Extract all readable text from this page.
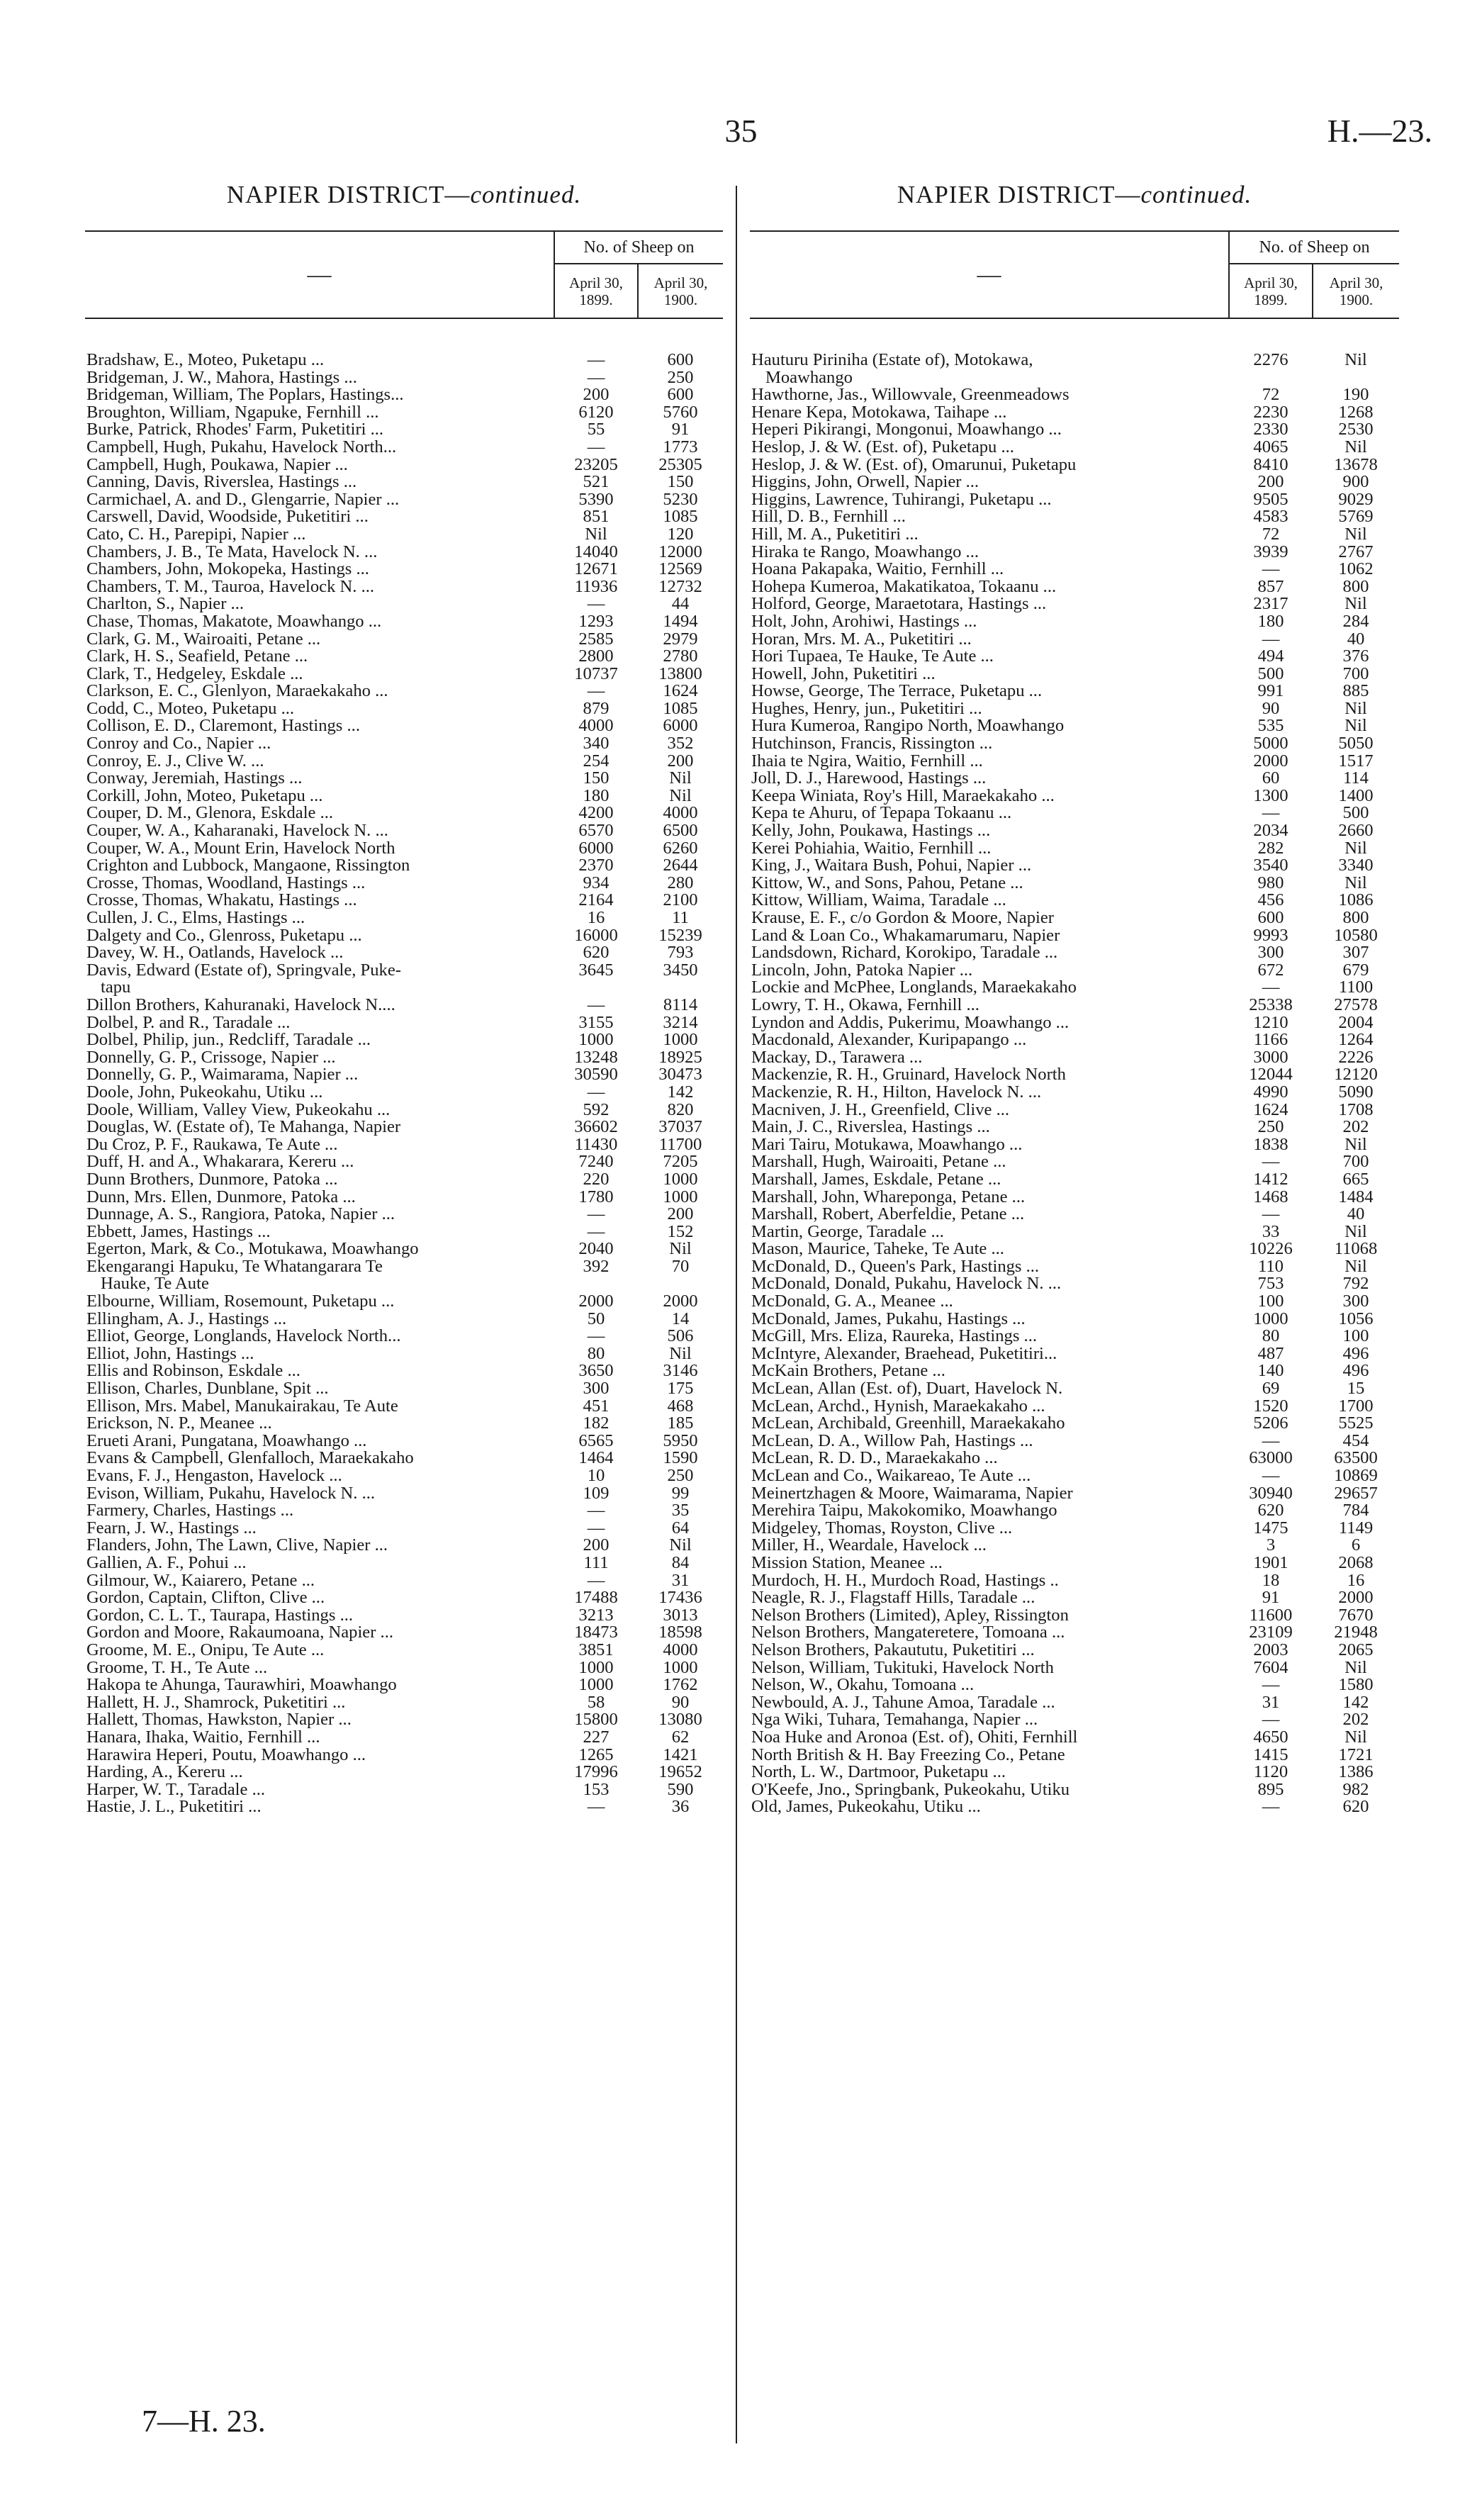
35	H.—23.
NAPIER DISTRICT—continued.	NAPIER DISTRICT—continued.
—	No. of Sheep on	
	April 30, 1899.	April 30, 1900.
Bradshaw, E., Moteo, Puketapu ...	—	600
Bridgeman, J. W., Mahora, Hastings ...	—	250
Bridgeman, William, The Poplars, Hastings...	200	600
Broughton, William, Ngapuke, Fernhill ...	6120	5760
Burke, Patrick, Rhodes' Farm, Puketitiri ...	55	91
Campbell, Hugh, Pukahu, Havelock North...	—	1773
Campbell, Hugh, Poukawa, Napier ...	23205	25305
Canning, Davis, Riverslea, Hastings ...	521	150
Carmichael, A. and D., Glengarrie, Napier ...	5390	5230
Carswell, David, Woodside, Puketitiri ...	851	1085
Cato, C. H., Parepipi, Napier ...	Nil	120
Chambers, J. B., Te Mata, Havelock N. ...	14040	12000
Chambers, John, Mokopeka, Hastings ...	12671	12569
Chambers, T. M., Tauroa, Havelock N. ...	11936	12732
Charlton, S., Napier ...	—	44
Chase, Thomas, Makatote, Moawhango ...	1293	1494
Clark, G. M., Wairoaiti, Petane ...	2585	2979
Clark, H. S., Seafield, Petane ...	2800	2780
Clark, T., Hedgeley, Eskdale ...	10737	13800
Clarkson, E. C., Glenlyon, Maraekakaho ...	—	1624
Codd, C., Moteo, Puketapu ...	879	1085
Collison, E. D., Claremont, Hastings ...	4000	6000
Conroy and Co., Napier ...	340	352
Conroy, E. J., Clive W. ...	254	200
Conway, Jeremiah, Hastings ...	150	Nil
Corkill, John, Moteo, Puketapu ...	180	Nil
Couper, D. M., Glenora, Eskdale ...	4200	4000
Couper, W. A., Kaharanaki, Havelock N. ...	6570	6500
Couper, W. A., Mount Erin, Havelock North	6000	6260
Crighton and Lubbock, Mangaone, Rissington	2370	2644
Crosse, Thomas, Woodland, Hastings ...	934	280
Crosse, Thomas, Whakatu, Hastings ...	2164	2100
Cullen, J. C., Elms, Hastings ...	16	11
Dalgety and Co., Glenross, Puketapu ...	16000	15239
Davey, W. H., Oatlands, Havelock ...	620	793
Davis, Edward (Estate of), Springvale, Puke-	3645	3450
tapu		
Dillon Brothers, Kahuranaki, Havelock N....	—	8114
Dolbel, P. and R., Taradale ...	3155	3214
Dolbel, Philip, jun., Redcliff, Taradale ...	1000	1000
Donnelly, G. P., Crissoge, Napier ...	13248	18925
Donnelly, G. P., Waimarama, Napier ...	30590	30473
Doole, John, Pukeokahu, Utiku ...	—	142
Doole, William, Valley View, Pukeokahu ...	592	820
Douglas, W. (Estate of), Te Mahanga, Napier	36602	37037
Du Croz, P. F., Raukawa, Te Aute ...	11430	11700
Duff, H. and A., Whakarara, Kereru ...	7240	7205
Dunn Brothers, Dunmore, Patoka ...	220	1000
Dunn, Mrs. Ellen, Dunmore, Patoka ...	1780	1000
Dunnage, A. S., Rangiora, Patoka, Napier ...	—	200
Ebbett, James, Hastings ...	—	152
Egerton, Mark, & Co., Motukawa, Moawhango	2040	Nil
Ekengarangi Hapuku, Te Whatangarara Te	392	70
Hauke, Te Aute		
Elbourne, William, Rosemount, Puketapu ...	2000	2000
Ellingham, A. J., Hastings ...	50	14
Elliot, George, Longlands, Havelock North...	—	506
Elliot, John, Hastings ...	80	Nil
Ellis and Robinson, Eskdale ...	3650	3146
Ellison, Charles, Dunblane, Spit ...	300	175
Ellison, Mrs. Mabel, Manukairakau, Te Aute	451	468
Erickson, N. P., Meanee ...	182	185
Erueti Arani, Pungatana, Moawhango ...	6565	5950
Evans & Campbell, Glenfalloch, Maraekakaho	1464	1590
Evans, F. J., Hengaston, Havelock ...	10	250
Evison, William, Pukahu, Havelock N. ...	109	99
Farmery, Charles, Hastings ...	—	35
Fearn, J. W., Hastings ...	—	64
Flanders, John, The Lawn, Clive, Napier ...	200	Nil
Gallien, A. F., Pohui ...	111	84
Gilmour, W., Kaiarero, Petane ...	—	31
Gordon, Captain, Clifton, Clive ...	17488	17436
Gordon, C. L. T., Taurapa, Hastings ...	3213	3013
Gordon and Moore, Rakaumoana, Napier ...	18473	18598
Groome, M. E., Onipu, Te Aute ...	3851	4000
Groome, T. H., Te Aute ...	1000	1000
Hakopa te Ahunga, Taurawhiri, Moawhango	1000	1762
Hallett, H. J., Shamrock, Puketitiri ...	58	90
Hallett, Thomas, Hawkston, Napier ...	15800	13080
Hanara, Ihaka, Waitio, Fernhill ...	227	62
Harawira Heperi, Poutu, Moawhango ...	1265	1421
Harding, A., Kereru ...	17996	19652
Harper, W. T., Taradale ...	153	590
Hastie, J. L., Puketitiri ...	—	36
—	No. of Sheep on	
	April 30, 1899.	April 30, 1900.
Hauturu Piriniha (Estate of), Motokawa,	2276	Nil
Moawhango		
Hawthorne, Jas., Willowvale, Greenmeadows	72	190
Henare Kepa, Motokawa, Taihape ...	2230	1268
Heperi Pikirangi, Mongonui, Moawhango ...	2330	2530
Heslop, J. & W. (Est. of), Puketapu ...	4065	Nil
Heslop, J. & W. (Est. of), Omarunui, Puketapu	8410	13678
Higgins, John, Orwell, Napier ...	200	900
Higgins, Lawrence, Tuhirangi, Puketapu ...	9505	9029
Hill, D. B., Fernhill ...	4583	5769
Hill, M. A., Puketitiri ...	72	Nil
Hiraka te Rango, Moawhango ...	3939	2767
Hoana Pakapaka, Waitio, Fernhill ...	—	1062
Hohepa Kumeroa, Makatikatoa, Tokaanu ...	857	800
Holford, George, Maraetotara, Hastings ...	2317	Nil
Holt, John, Arohiwi, Hastings ...	180	284
Horan, Mrs. M. A., Puketitiri ...	—	40
Hori Tupaea, Te Hauke, Te Aute ...	494	376
Howell, John, Puketitiri ...	500	700
Howse, George, The Terrace, Puketapu ...	991	885
Hughes, Henry, jun., Puketitiri ...	90	Nil
Hura Kumeroa, Rangipo North, Moawhango	535	Nil
Hutchinson, Francis, Rissington ...	5000	5050
Ihaia te Ngira, Waitio, Fernhill ...	2000	1517
Joll, D. J., Harewood, Hastings ...	60	114
Keepa Winiata, Roy's Hill, Maraekakaho ...	1300	1400
Kepa te Ahuru, of Tepapa Tokaanu ...	—	500
Kelly, John, Poukawa, Hastings ...	2034	2660
Kerei Pohiahia, Waitio, Fernhill ...	282	Nil
King, J., Waitara Bush, Pohui, Napier ...	3540	3340
Kittow, W., and Sons, Pahou, Petane ...	980	Nil
Kittow, William, Waima, Taradale ...	456	1086
Krause, E. F., c/o Gordon & Moore, Napier	600	800
Land & Loan Co., Whakamarumaru, Napier	9993	10580
Landsdown, Richard, Korokipo, Taradale ...	300	307
Lincoln, John, Patoka Napier ...	672	679
Lockie and McPhee, Longlands, Maraekakaho	—	1100
Lowry, T. H., Okawa, Fernhill ...	25338	27578
Lyndon and Addis, Pukerimu, Moawhango ...	1210	2004
Macdonald, Alexander, Kuripapango ...	1166	1264
Mackay, D., Tarawera ...	3000	2226
Mackenzie, R. H., Gruinard, Havelock North	12044	12120
Mackenzie, R. H., Hilton, Havelock N. ...	4990	5090
Macniven, J. H., Greenfield, Clive ...	1624	1708
Main, J. C., Riverslea, Hastings ...	250	202
Mari Tairu, Motukawa, Moawhango ...	1838	Nil
Marshall, Hugh, Wairoaiti, Petane ...	—	700
Marshall, James, Eskdale, Petane ...	1412	665
Marshall, John, Whareponga, Petane ...	1468	1484
Marshall, Robert, Aberfeldie, Petane ...	—	40
Martin, George, Taradale ...	33	Nil
Mason, Maurice, Taheke, Te Aute ...	10226	11068
McDonald, D., Queen's Park, Hastings ...	110	Nil
McDonald, Donald, Pukahu, Havelock N. ...	753	792
McDonald, G. A., Meanee ...	100	300
McDonald, James, Pukahu, Hastings ...	1000	1056
McGill, Mrs. Eliza, Raureka, Hastings ...	80	100
McIntyre, Alexander, Braehead, Puketitiri...	487	496
McKain Brothers, Petane ...	140	496
McLean, Allan (Est. of), Duart, Havelock N.	69	15
McLean, Archd., Hynish, Maraekakaho ...	1520	1700
McLean, Archibald, Greenhill, Maraekakaho	5206	5525
McLean, D. A., Willow Pah, Hastings ...	—	454
McLean, R. D. D., Maraekakaho ...	63000	63500
McLean and Co., Waikareao, Te Aute ...	—	10869
Meinertzhagen & Moore, Waimarama, Napier	30940	29657
Merehira Taipu, Makokomiko, Moawhango	620	784
Midgeley, Thomas, Royston, Clive ...	1475	1149
Miller, H., Weardale, Havelock ...	3	6
Mission Station, Meanee ...	1901	2068
Murdoch, H. H., Murdoch Road, Hastings ..	18	16
Neagle, R. J., Flagstaff Hills, Taradale ...	91	2000
Nelson Brothers (Limited), Apley, Rissington	11600	7670
Nelson Brothers, Mangateretere, Tomoana ...	23109	21948
Nelson Brothers, Pakaututu, Puketitiri ...	2003	2065
Nelson, William, Tukituki, Havelock North	7604	Nil
Nelson, W., Okahu, Tomoana ...	—	1580
Newbould, A. J., Tahune Amoa, Taradale ...	31	142
Nga Wiki, Tuhara, Temahanga, Napier ...	—	202
Noa Huke and Aronoa (Est. of), Ohiti, Fernhill	4650	Nil
North British & H. Bay Freezing Co., Petane	1415	1721
North, L. W., Dartmoor, Puketapu ...	1120	1386
O'Keefe, Jno., Springbank, Pukeokahu, Utiku	895	982
Old, James, Pukeokahu, Utiku ...	—	620
7—H. 23.
